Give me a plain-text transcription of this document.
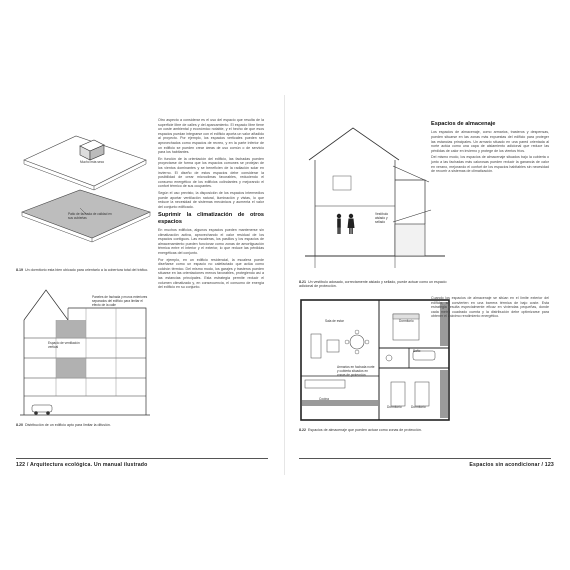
Mucho más seco
Patio de fachada de calidad en sus cubiertas
8.19 Un dormitorio esta bien ubicado para orientarlo a la cobertura total del tráfico.
Paneles de fachada y muros exteriores separados del edificio para limitar el efecto de la calle
Espacio de ventilación vertical
8.20 Distribución de un edificio apto para limitar la difusión.

Otro aspecto a considerar es el uso del espacio que resulta de la superficie libre de calles y del aparcamiento. El espacio libre tiene un coste ambiental y económico notable, y el hecho de que esos espacios puedan integrarse con el edificio aporta un valor añadido al proyecto. Por ejemplo, los espacios verticales pueden ser aprovechados como espacios de recreo, y en la parte inferior de un edificio se pueden crear áreas de uso común o de servicio para los habitantes.

En función de la orientación del edificio, las fachadas pueden proyectarse de forma que los espacios comunes se protejan de los vientos dominantes y se beneficien de la radiación solar en invierno. El diseño de estos espacios debe considerar la posibilidad de crear microclimas favorables, reduciendo el consumo energético de los edificios colindantes y mejorando el confort térmico de sus ocupantes.

Según el uso previsto, la disposición de los espacios intermedios puede aportar ventilación natural, iluminación y vistas, lo que reduce la necesidad de sistemas mecánicos y aumenta el valor del conjunto edificado.

Suprimir la climatización de otros espacios

En muchos edificios, algunos espacios pueden mantenerse sin climatización activa, aprovechando el calor residual de los espacios contiguos. Las escaleras, los pasillos y los espacios de almacenamiento pueden funcionar como zonas de amortiguación térmica entre el interior y el exterior, lo que reduce las pérdidas energéticas del conjunto.

Por ejemplo, en un edificio residencial, la escalera puede diseñarse como un espacio no calefactado que actúa como colchón térmico. Del mismo modo, los garajes y trasteros pueden situarse en las orientaciones menos favorables, protegiendo así a las estancias principales. Esta estrategia permite reducir el volumen climatizado y, en consecuencia, el consumo de energía del edificio en su conjunto.

122 / Arquitectura ecológica. Un manual ilustrado
Vestíbulo aislado y sellado
8.21 Un vestíbulo adosado, correctamente aislado y sellado, puede actuar como un espacio adicional de protección.
Sala de estar	Dormitorio
Baño
Cocina
Dormitorio	Dormitorio
Armarios en fachada norte y cubierta situados en zonas de protección
8.22 Espacios de almacenaje que pueden actuar como zonas de protección.
Espacios de almacenaje

Los espacios de almacenaje, como armarios, trasteros y despensas, pueden situarse en las zonas más expuestas del edificio para proteger las estancias principales. Un armario situado en una pared orientada al norte actúa como una capa de aislamiento adicional que reduce las pérdidas de calor en invierno y protege de los vientos fríos.

Del mismo modo, los espacios de almacenaje situados bajo la cubierta o junto a las fachadas más calurosas pueden reducir la ganancia de calor en verano, mejorando el confort de los espacios habitables sin necesidad de recurrir a sistemas de climatización.

Cuando los espacios de almacenaje se sitúan en el límite exterior del edificio, se convierten en una barrera térmica de bajo coste. Esta estrategia resulta especialmente eficaz en viviendas pequeñas, donde cada metro cuadrado cuenta y la distribución debe optimizarse para obtener el máximo rendimiento energético.

Espacios sin acondicionar / 123
